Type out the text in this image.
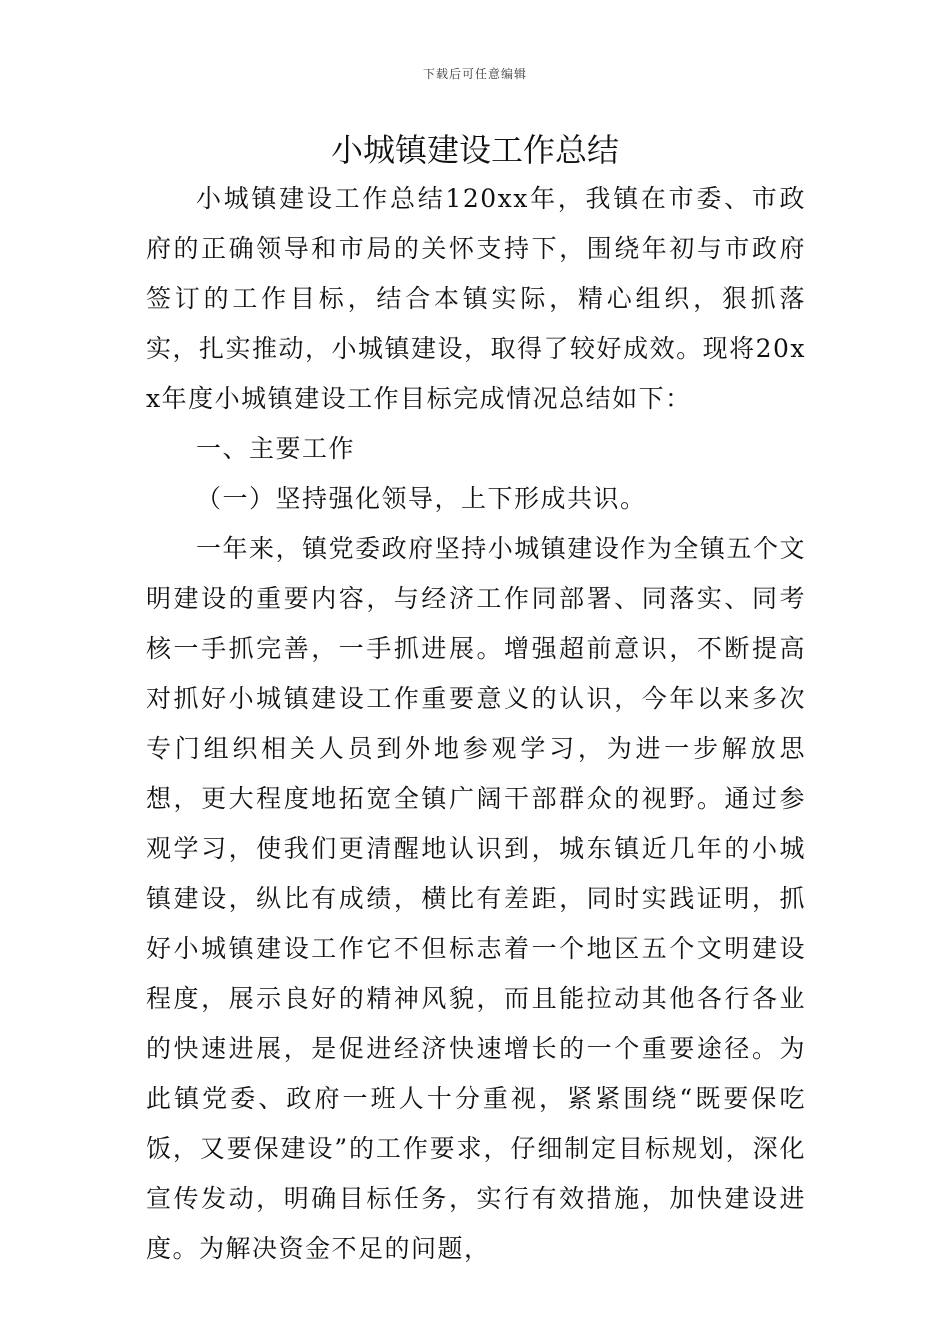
下载后可任意编辑
小城镇建设工作总结

小城镇建设工作总结120xx年，我镇在市委、市政府的正确领导和市局的关怀支持下，围绕年初与市政府签订的工作目标，结合本镇实际，精心组织，狠抓落实，扎实推动，小城镇建设，取得了较好成效。现将20xx年度小城镇建设工作目标完成情况总结如下：

一、主要工作

（一）坚持强化领导，上下形成共识。

一年来，镇党委政府坚持小城镇建设作为全镇五个文明建设的重要内容，与经济工作同部署、同落实、同考核一手抓完善，一手抓进展。增强超前意识，不断提高对抓好小城镇建设工作重要意义的认识，今年以来多次专门组织相关人员到外地参观学习，为进一步解放思想，更大程度地拓宽全镇广阔干部群众的视野。通过参观学习，使我们更清醒地认识到，城东镇近几年的小城镇建设，纵比有成绩，横比有差距，同时实践证明，抓好小城镇建设工作它不但标志着一个地区五个文明建设程度，展示良好的精神风貌，而且能拉动其他各行各业的快速进展，是促进经济快速增长的一个重要途径。为此镇党委、政府一班人十分重视，紧紧围绕“既要保吃饭，又要保建设”的工作要求，仔细制定目标规划，深化宣传发动，明确目标任务，实行有效措施，加快建设进度。为解决资金不足的问题，
